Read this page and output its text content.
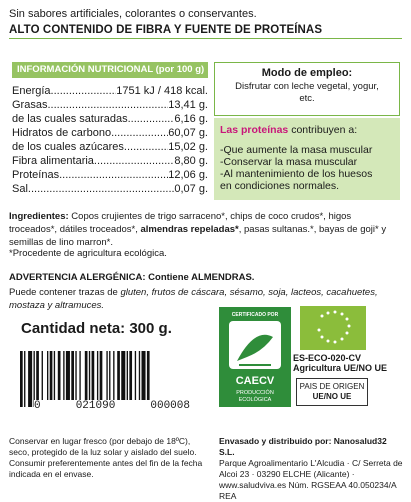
Sin sabores artificiales, colorantes o conservantes.
ALTO CONTENIDO DE FIBRA Y FUENTE DE PROTEÍNAS
INFORMACIÓN NUTRICIONAL (por 100 g)
Energía .....	1751 kJ / 418 kcal.
Grasas .....	13,41 g.
de las cuales saturadas .....	6,16 g.
Hidratos de carbono .....	60,07 g.
de los cuales azúcares .....	15,02 g.
Fibra alimentaria .....	8,80 g.
Proteínas .....	12,06 g.
Sal .....	0,07 g.
Modo de empleo:
Disfrutar con leche vegetal, yogur,
etc.
Las proteínas contribuyen a:
-Que aumente la masa muscular
-Conservar la masa muscular
-Al mantenimiento de los huesos
en condiciones normales.
Ingredientes: Copos crujientes de trigo sarraceno*, chips de coco crudos*, higos troceados*, dátiles troceados*, almendras repeladas*, pasas sultanas.*, bayas de goji* y semillas de lino marron*.
*Procedente de agricultura ecológica.
ADVERTENCIA ALERGÉNICA: Contiene ALMENDRAS.
Puede contener trazas de gluten, frutos de cáscara, sésamo, soja, lacteos, cacahuetes, mostaza y altramuces.
Cantidad neta: 300 g.
0	021090	000008
CERTIFICADO POR
CAECV
PRODUCCIÓN
ECOLÓGICA
ES-ECO-020-CV
Agricultura UE/NO UE
PAIS DE ORIGEN
UE/NO UE
Conservar en lugar fresco (por debajo de 18ºC), seco, protegido de la luz solar y aislado del suelo. Consumir preferentemente antes del fin de la fecha indicada en el envase.
Envasado y distribuido por: Nanosalud32 S.L.
Parque Agroalimentario L'Alcudia · C/ Serreta de Alcoi 23 · 03290 ELCHE (Alicante) · www.saludviva.es Núm. RGSEAA 40.050234/A REA
